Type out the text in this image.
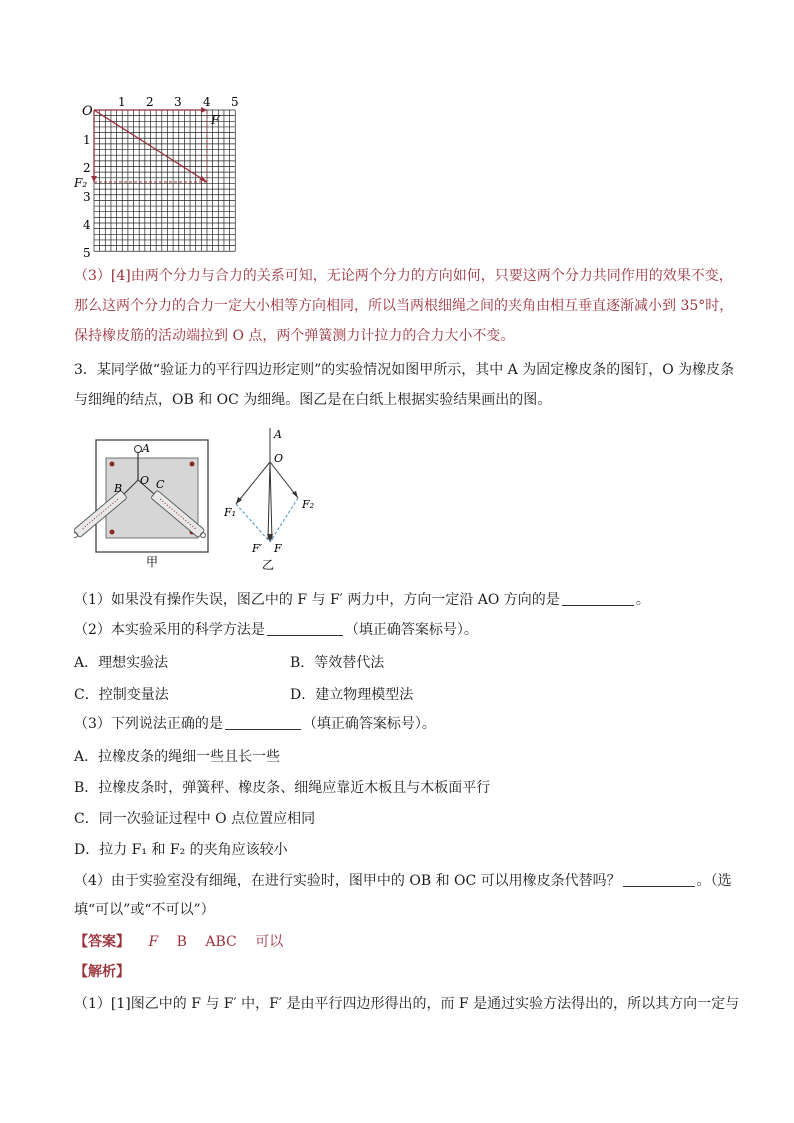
O
1 2 3 4 5
1
2
3
4
5
F
F₂
（3）[4]由两个分力与合力的关系可知，无论两个分力的方向如何，只要这两个分力共同作用的效果不变，
那么这两个分力的合力一定大小相等方向相同，所以当两根细绳之间的夹角由相互垂直逐渐减小到 35°时，
保持橡皮筋的活动端拉到 O 点，两个弹簧测力计拉力的合力大小不变。
3．某同学做“验证力的平行四边形定则”的实验情况如图甲所示，其中 A 为固定橡皮条的图钉，O 为橡皮条
与细绳的结点，OB 和 OC 为细绳。图乙是在白纸上根据实验结果画出的图。
A
B
O C
甲
A
O
F₁
F₂
F′ F
乙
（1）如果没有操作失误，图乙中的 F 与 F′ 两力中，方向一定沿 AO 方向的是	。
（2）本实验采用的科学方法是	（填正确答案标号）。
A．理想实验法	B．等效替代法
C．控制变量法	D．建立物理模型法
（3）下列说法正确的是	（填正确答案标号）。
A．拉橡皮条的绳细一些且长一些
B．拉橡皮条时，弹簧秤、橡皮条、细绳应靠近木板且与木板面平行
C．同一次验证过程中 O 点位置应相同
D．拉力 F₁ 和 F₂ 的夹角应该较小
（4）由于实验室没有细绳，在进行实验时，图甲中的 OB 和 OC 可以用橡皮条代替吗？	。（选
填“可以”或“不可以”）
【答案】 F B ABC 可以
【解析】
（1）[1]图乙中的 F 与 F′ 中，F′ 是由平行四边形得出的，而 F 是通过实验方法得出的，所以其方向一定与
